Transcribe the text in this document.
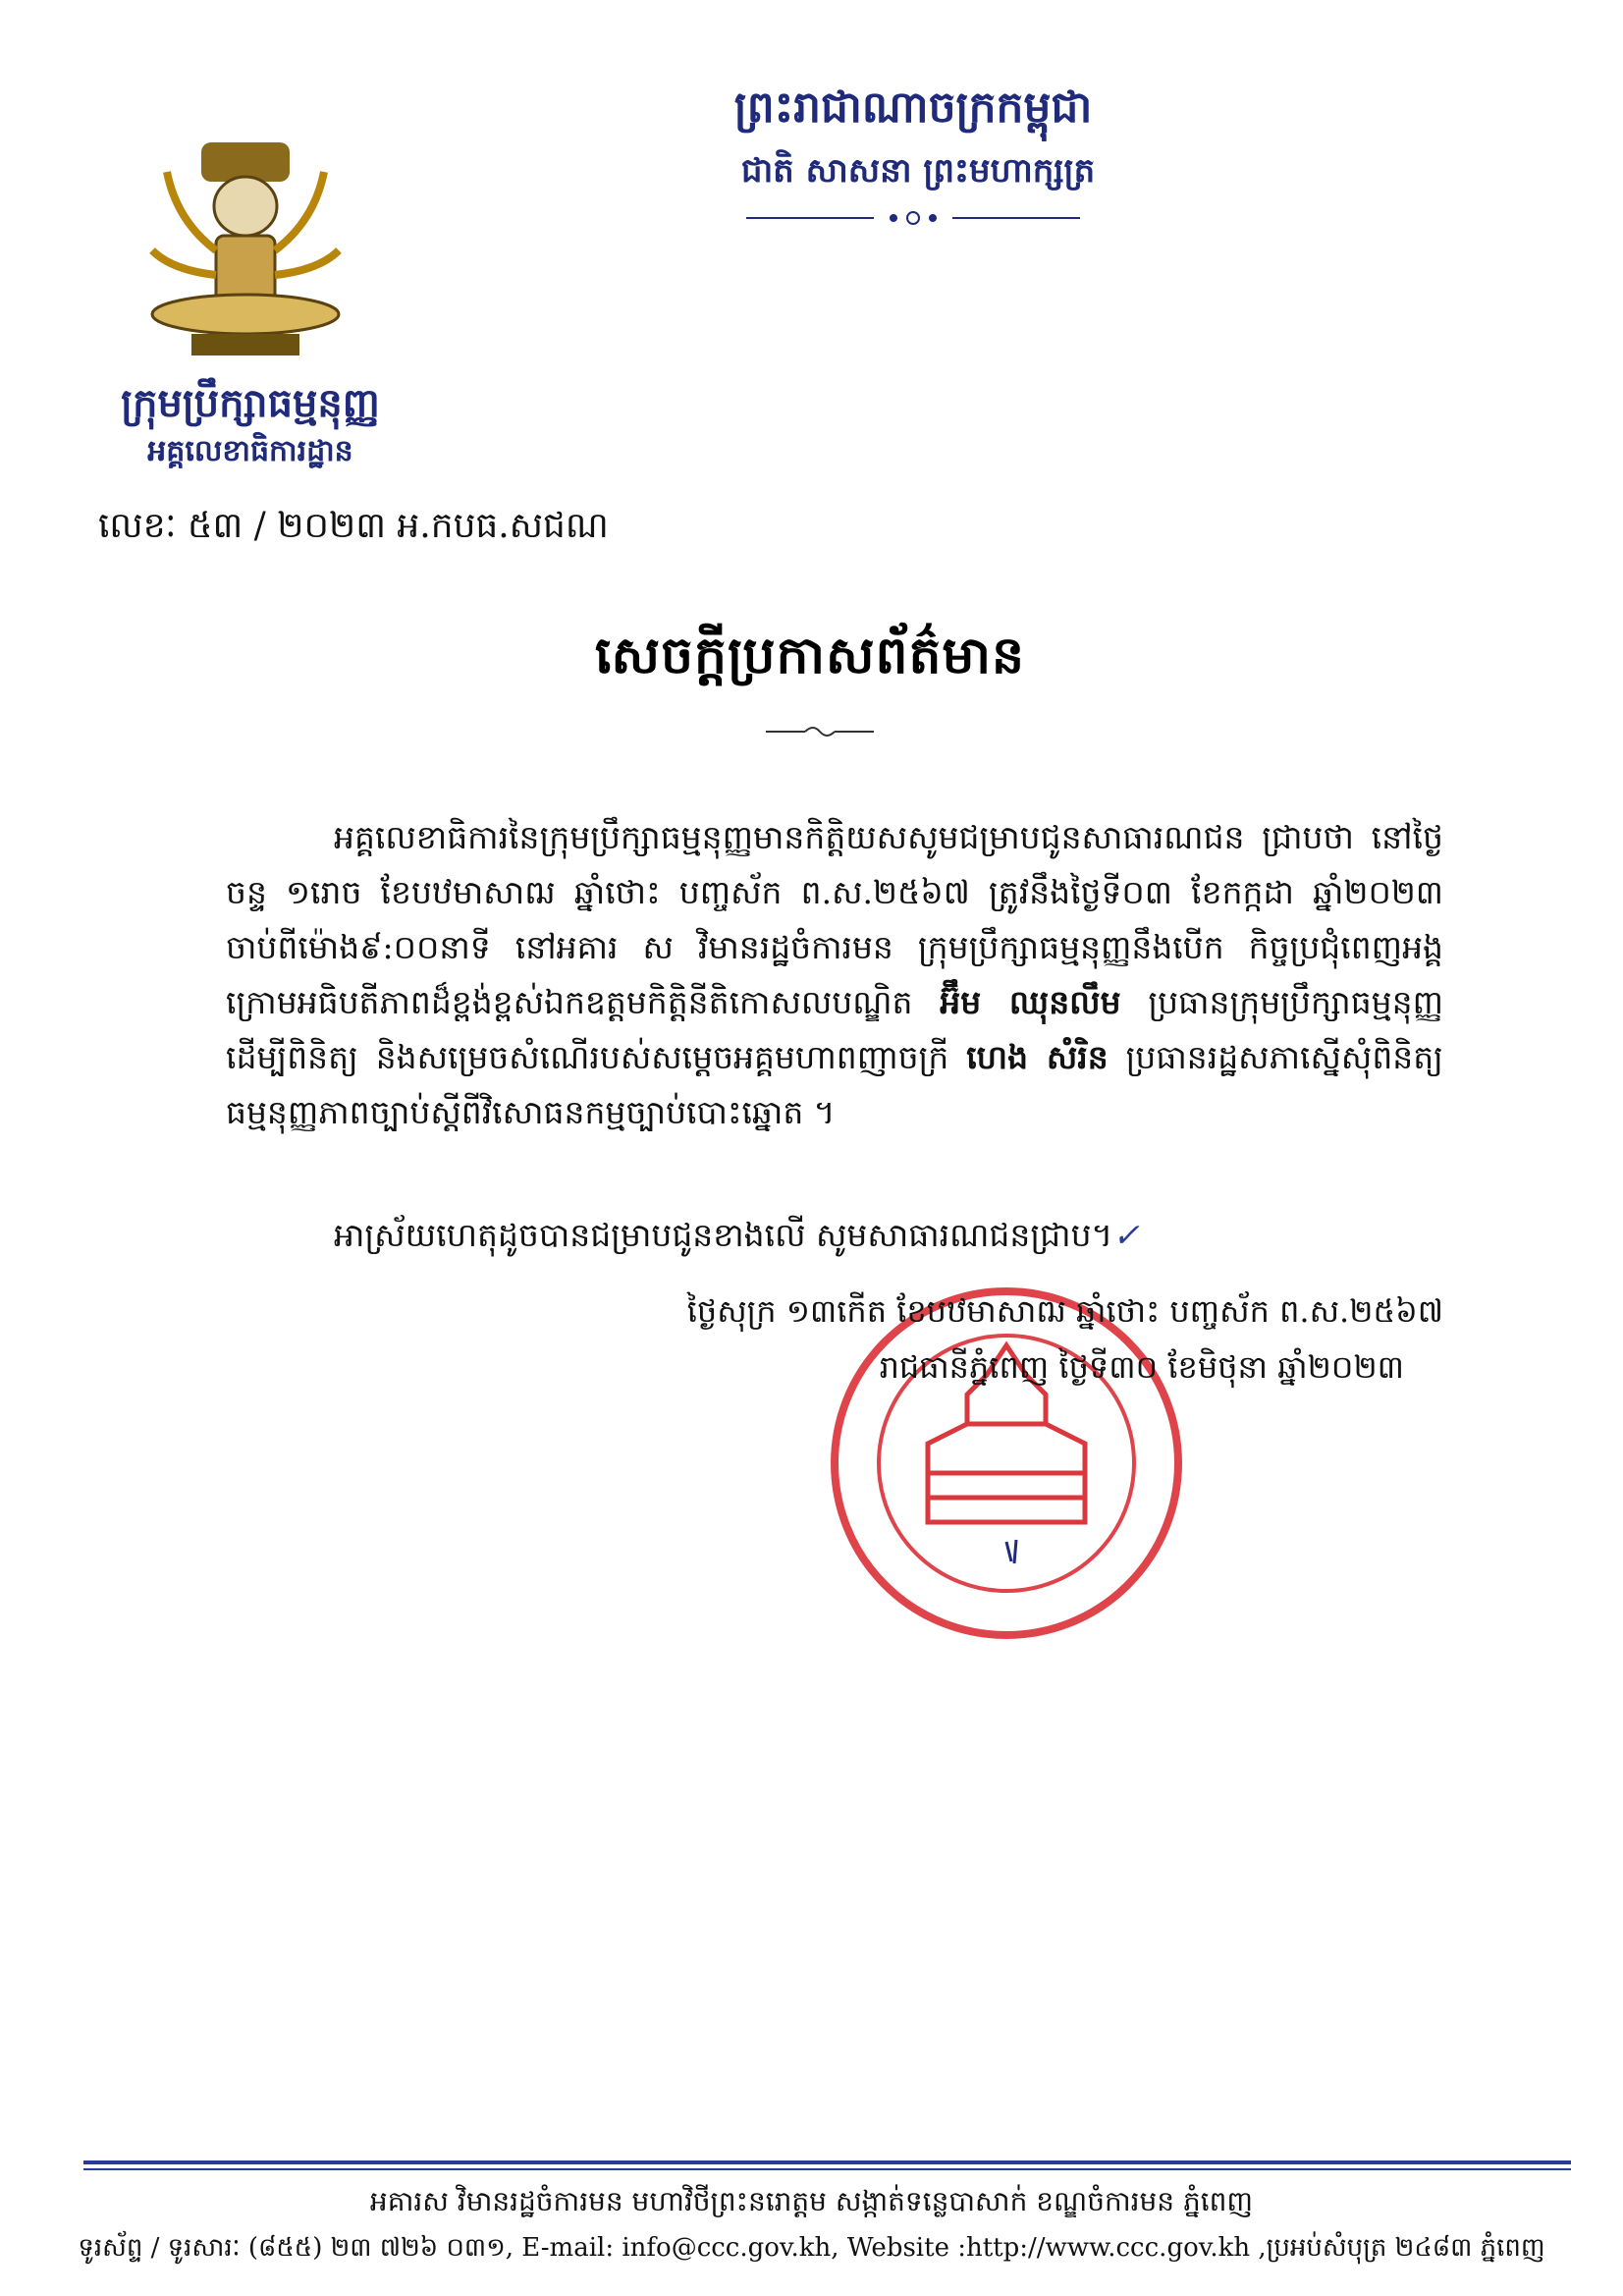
ព្រះរាជាណាចក្រកម្ពុជា
ជាតិ សាសនា ព្រះមហាក្សត្រ
ក្រុមប្រឹក្សាធម្មនុញ្ញ
អគ្គលេខាធិការដ្ឋាន
លេខៈ ៥៣ / ២០២៣ អ.កបធ.សជណ
សេចក្តីប្រកាសព័ត៌មាន
អគ្គលេខាធិការនៃក្រុមប្រឹក្សាធម្មនុញ្ញមានកិត្តិយសសូមជម្រាបជូនសាធារណជន ជ្រាបថា នៅថ្ងៃចន្ទ ១រោច ខែបឋមាសាឍ ឆ្នាំថោះ បញ្ចស័ក ព.ស.២៥៦៧ ត្រូវនឹងថ្ងៃទី០៣ ខែកក្កដា ឆ្នាំ២០២៣ ចាប់ពីម៉ោង៩:០០នាទី នៅអគារ ស វិមានរដ្ឋចំការមន ក្រុមប្រឹក្សាធម្មនុញ្ញនឹងបើក កិច្ចប្រជុំពេញអង្គក្រោមអធិបតីភាពដ៏ខ្ពង់ខ្ពស់ឯកឧត្តមកិត្តិនីតិកោសលបណ្ឌិត អ៊ឹម ឈុនលឹម ប្រធានក្រុមប្រឹក្សាធម្មនុញ្ញ ដើម្បីពិនិត្យ និងសម្រេចសំណើរបស់សម្តេចអគ្គមហាពញាចក្រី ហេង សំរិន ប្រធានរដ្ឋសភាស្នើសុំពិនិត្យធម្មនុញ្ញភាពច្បាប់ស្តីពីវិសោធនកម្មច្បាប់បោះឆ្នោត ។
អាស្រ័យហេតុដូចបានជម្រាបជូនខាងលើ សូមសាធារណជនជ្រាប។✓
ថ្ងៃសុក្រ ១៣កើត ខែបឋមាសាឍ ឆ្នាំថោះ បញ្ចស័ក ព.ស.២៥៦៧
រាជធានីភ្នំពេញ ថ្ងៃទី៣០ ខែមិថុនា ឆ្នាំ២០២៣
អគារស វិមានរដ្ឋចំការមន មហាវិថីព្រះនរោត្តម សង្កាត់ទន្លេបាសាក់ ខណ្ឌចំការមន ភ្នំពេញ
ទូរស័ព្ទ / ទូរសារៈ (៨៥៥) ២៣ ៧២៦ ០៣១, E-mail: info@ccc.gov.kh, Website :http://www.ccc.gov.kh ,ប្រអប់សំបុត្រ ២៤៨៣ ភ្នំពេញ
